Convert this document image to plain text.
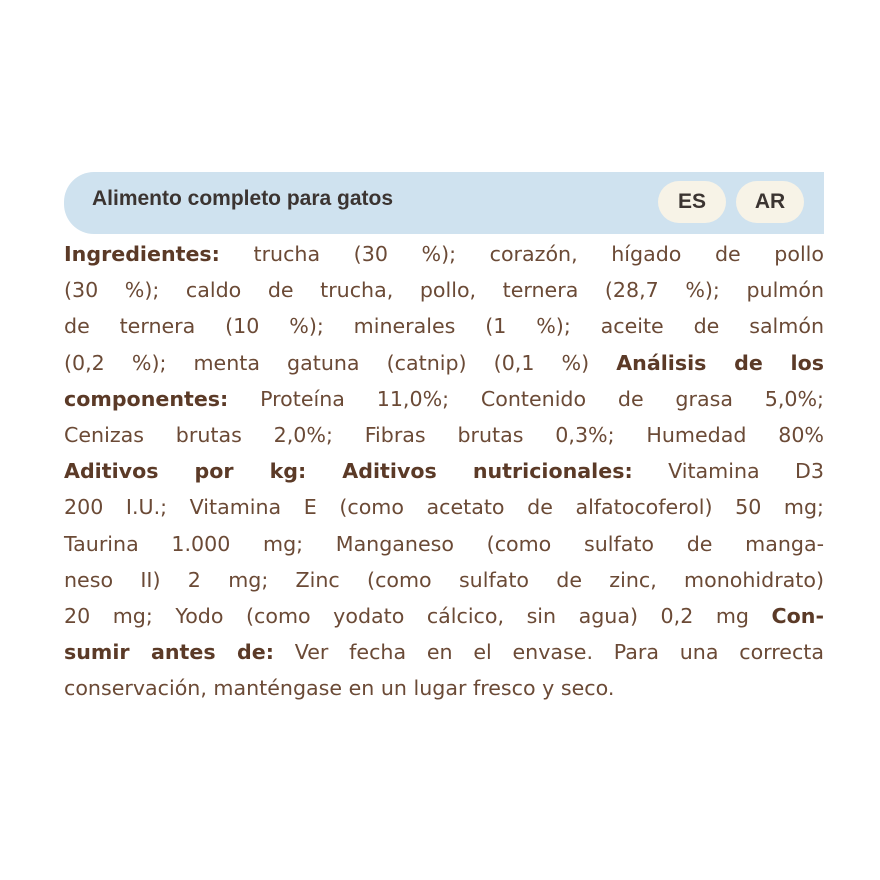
Alimento completo para gatos	ES	AR
Ingredientes: trucha (30 %); corazón, hígado de pollo
(30 %); caldo de trucha, pollo, ternera (28,7 %); pulmón
de ternera (10 %); minerales (1 %); aceite de salmón
(0,2 %); menta gatuna (catnip) (0,1 %) Análisis de los
componentes: Proteína 11,0%; Contenido de grasa 5,0%;
Cenizas brutas 2,0%; Fibras brutas 0,3%; Humedad 80%
Aditivos por kg: Aditivos nutricionales: Vitamina D3
200 I.U.; Vitamina E (como acetato de alfatocoferol) 50 mg;
Taurina 1.000 mg; Manganeso (como sulfato de manga-
neso II) 2 mg; Zinc (como sulfato de zinc, monohidrato)
20 mg; Yodo (como yodato cálcico, sin agua) 0,2 mg Con-
sumir antes de: Ver fecha en el envase. Para una correcta
conservación, manténgase en un lugar fresco y seco.
